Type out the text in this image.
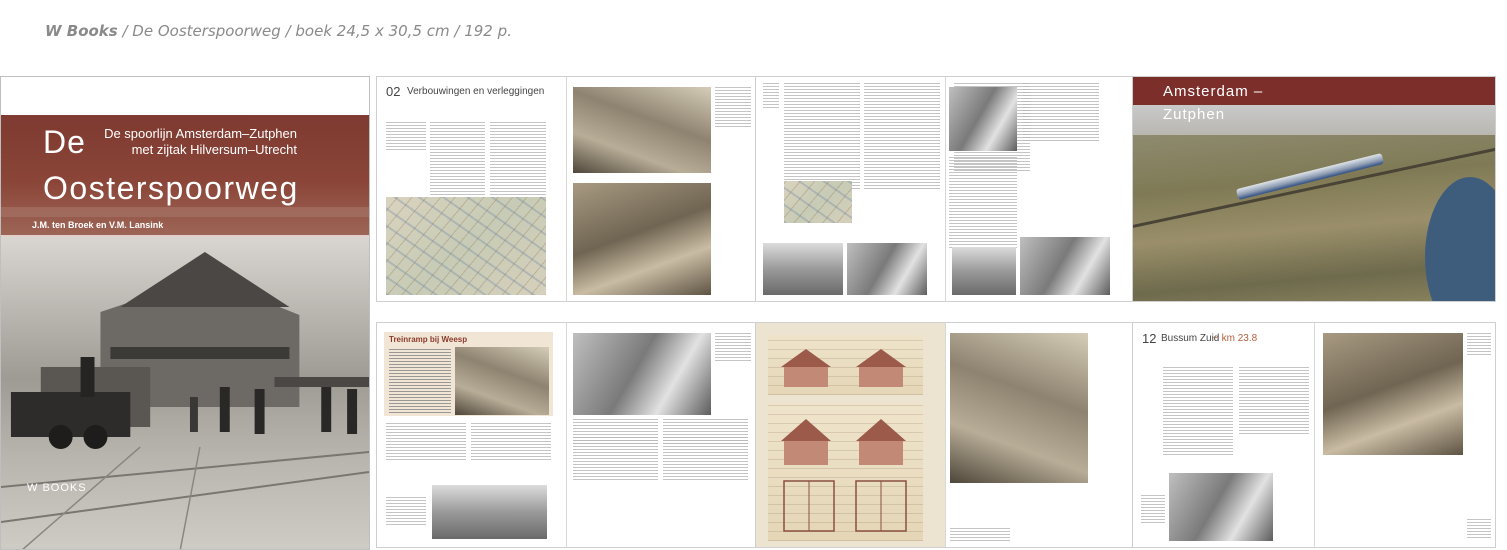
W Books / De Oosterspoorweg / boek 24,5 x 30,5 cm / 192 p.
De
Oosterspoorweg
De spoorlijn Amsterdam–Zutphen
met zijtak Hilversum–Utrecht
J.M. ten Broek en V.M. Lansink
W BOOKS
02 Verbouwingen en verleggingen	Amsterdam –
Zutphen
Treinramp bij Weesp	12 Bussum Zuid
~ km 23.8
